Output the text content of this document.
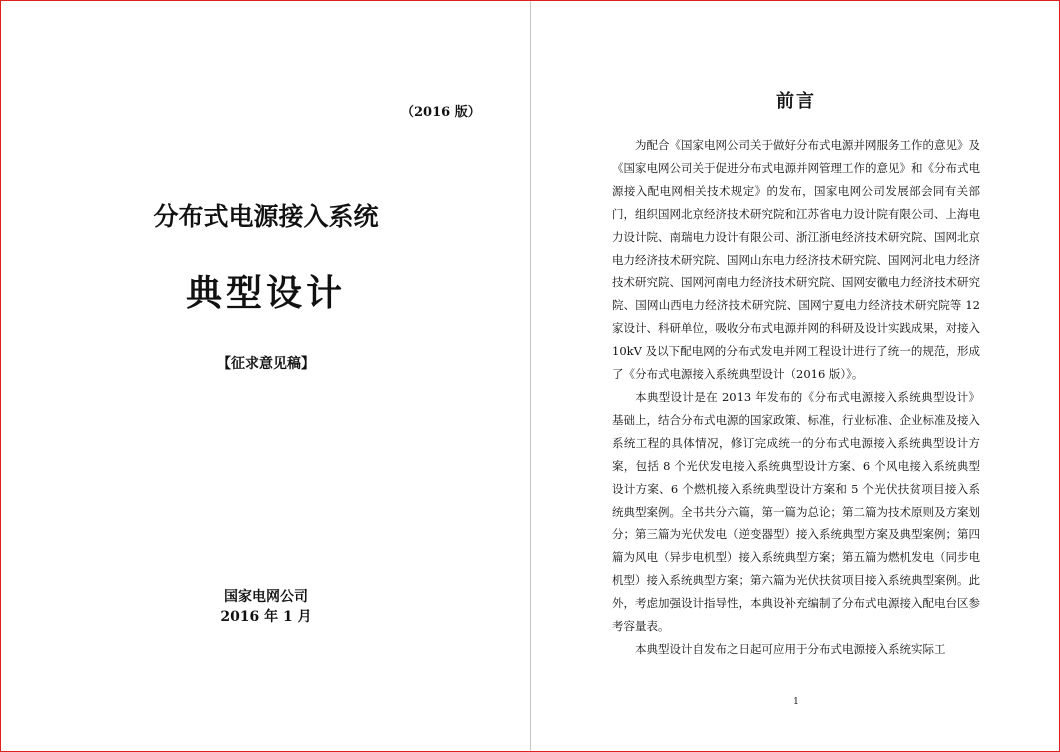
（2016 版）
分布式电源接入系统
典型设计
【征求意见稿】
国家电网公司
2016 年 1 月
前言

为配合《国家电网公司关于做好分布式电源并网服务工作的意见》及《国家电网公司关于促进分布式电源并网管理工作的意见》和《分布式电源接入配电网相关技术规定》的发布，国家电网公司发展部会同有关部门，组织国网北京经济技术研究院和江苏省电力设计院有限公司、上海电力设计院、南瑞电力设计有限公司、浙江浙电经济技术研究院、国网北京电力经济技术研究院、国网山东电力经济技术研究院、国网河北电力经济技术研究院、国网河南电力经济技术研究院、国网安徽电力经济技术研究院、国网山西电力经济技术研究院、国网宁夏电力经济技术研究院等 12 家设计、科研单位，吸收分布式电源并网的科研及设计实践成果，对接入 10kV 及以下配电网的分布式发电并网工程设计进行了统一的规范，形成了《分布式电源接入系统典型设计（2016 版）》。

本典型设计是在 2013 年发布的《分布式电源接入系统典型设计》基础上，结合分布式电源的国家政策、标准，行业标准、企业标准及接入系统工程的具体情况，修订完成统一的分布式电源接入系统典型设计方案，包括 8 个光伏发电接入系统典型设计方案、6 个风电接入系统典型设计方案、6 个燃机接入系统典型设计方案和 5 个光伏扶贫项目接入系统典型案例。全书共分六篇，第一篇为总论；第二篇为技术原则及方案划分；第三篇为光伏发电（逆变器型）接入系统典型方案及典型案例；第四篇为风电（异步电机型）接入系统典型方案；第五篇为燃机发电（同步电机型）接入系统典型方案；第六篇为光伏扶贫项目接入系统典型案例。此外，考虑加强设计指导性，本典设补充编制了分布式电源接入配电台区参考容量表。

本典型设计自发布之日起可应用于分布式电源接入系统实际工

1
